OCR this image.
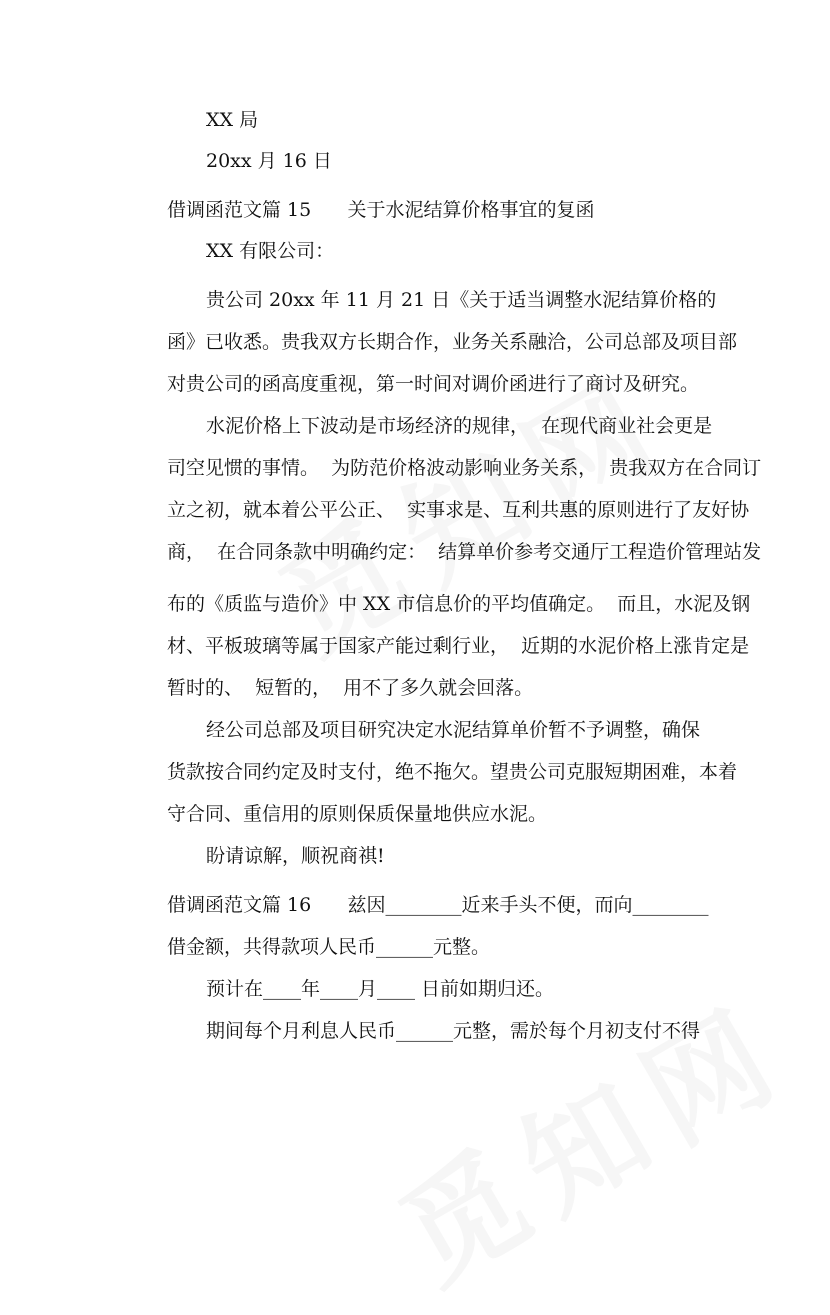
XX 局
20xx 月 16 日
借调函范文篇 15      关于水泥结算价格事宜的复函
XX 有限公司：
贵公司 20xx 年 11 月 21 日《关于适当调整水泥结算价格的
函》已收悉。贵我双方长期合作，业务关系融洽，公司总部及项目部
对贵公司的函高度重视，第一时间对调价函进行了商讨及研究。
水泥价格上下波动是市场经济的规律，  在现代商业社会更是
司空见惯的事情。  为防范价格波动影响业务关系，  贵我双方在合同订
立之初，就本着公平公正、  实事求是、互利共惠的原则进行了友好协
商，  在合同条款中明确约定：  结算单价参考交通厅工程造价管理站发
布的《质监与造价》中 XX 市信息价的平均值确定。  而且，水泥及钢
材、平板玻璃等属于国家产能过剩行业，  近期的水泥价格上涨肯定是
暂时的、  短暂的，  用不了多久就会回落。
经公司总部及项目研究决定水泥结算单价暂不予调整，确保
货款按合同约定及时支付，绝不拖欠。望贵公司克服短期困难，本着
守合同、重信用的原则保质保量地供应水泥。
盼请谅解，顺祝商祺!
借调函范文篇 16      兹因________近来手头不便，而向________
借金额，共得款项人民币______元整。
预计在____年____月____ 日前如期归还。
期间每个月利息人民币______元整，需於每个月初支付不得
